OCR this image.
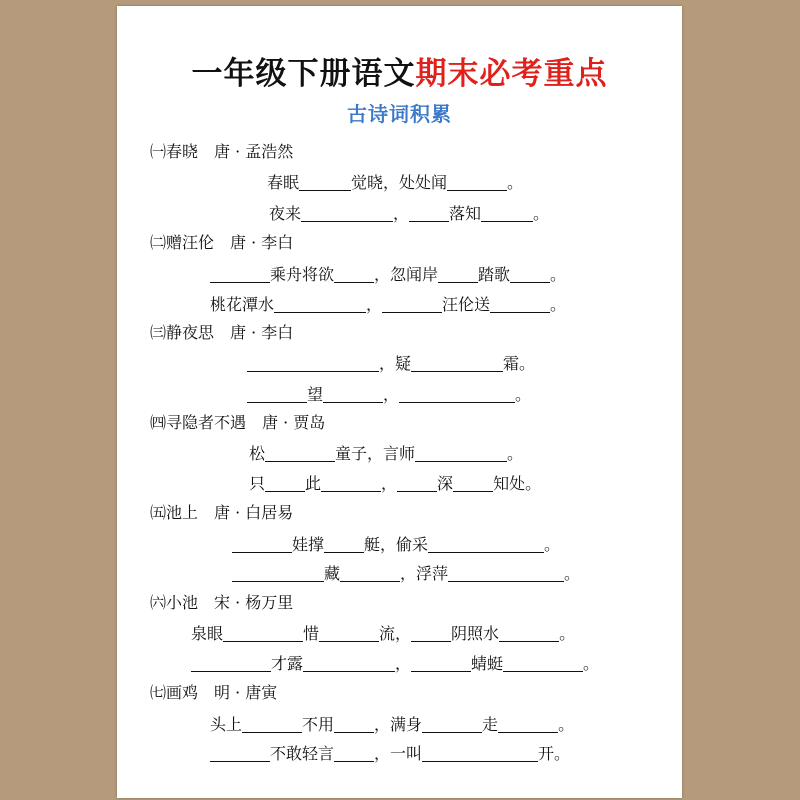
一年级下册语文期末必考重点
古诗词积累
㈠春晓　唐 · 孟浩然
春眠	觉晓，处处闻	。
夜来	，	落知	。
㈡赠汪伦　唐 · 李白
乘舟将欲	，忽闻岸	踏歌	。
桃花潭水	，	汪伦送	。
㈢静夜思　唐 · 李白
，疑	霜。
望	，	。
㈣寻隐者不遇　唐 · 贾岛
松	童子，言师	。
只	此	，	深	知处。
㈤池上　唐 · 白居易
娃撑	艇，偷采	。
藏	，浮萍	。
㈥小池　宋 · 杨万里
泉眼	惜	流，	阴照水	。
才露	，	蜻蜓	。
㈦画鸡　明 · 唐寅
头上	不用	，满身	走	。
不敢轻言	，一叫	开。
